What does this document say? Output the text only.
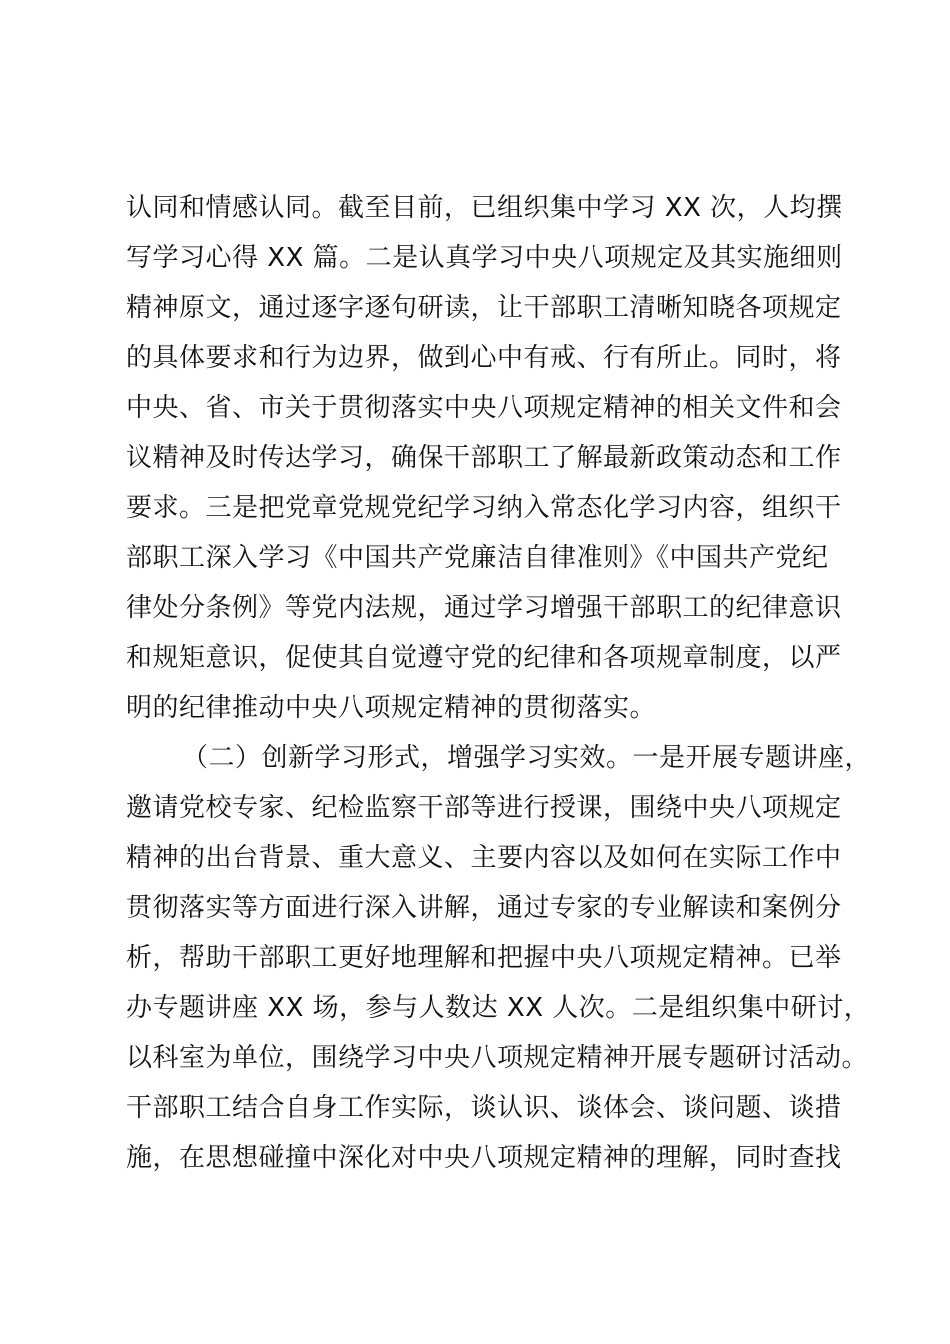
认同和情感认同。截至目前，已组织集中学习 XX 次，人均撰
写学习心得 XX 篇。二是认真学习中央八项规定及其实施细则
精神原文，通过逐字逐句研读，让干部职工清晰知晓各项规定
的具体要求和行为边界，做到心中有戒、行有所止。同时，将
中央、省、市关于贯彻落实中央八项规定精神的相关文件和会
议精神及时传达学习，确保干部职工了解最新政策动态和工作
要求。三是把党章党规党纪学习纳入常态化学习内容，组织干
部职工深入学习《中国共产党廉洁自律准则》《中国共产党纪
律处分条例》等党内法规，通过学习增强干部职工的纪律意识
和规矩意识，促使其自觉遵守党的纪律和各项规章制度，以严
明的纪律推动中央八项规定精神的贯彻落实。
（二）创新学习形式，增强学习实效。一是开展专题讲座，
邀请党校专家、纪检监察干部等进行授课，围绕中央八项规定
精神的出台背景、重大意义、主要内容以及如何在实际工作中
贯彻落实等方面进行深入讲解，通过专家的专业解读和案例分
析，帮助干部职工更好地理解和把握中央八项规定精神。已举
办专题讲座 XX 场，参与人数达 XX 人次。二是组织集中研讨，
以科室为单位，围绕学习中央八项规定精神开展专题研讨活动。
干部职工结合自身工作实际，谈认识、谈体会、谈问题、谈措
施，在思想碰撞中深化对中央八项规定精神的理解，同时查找
